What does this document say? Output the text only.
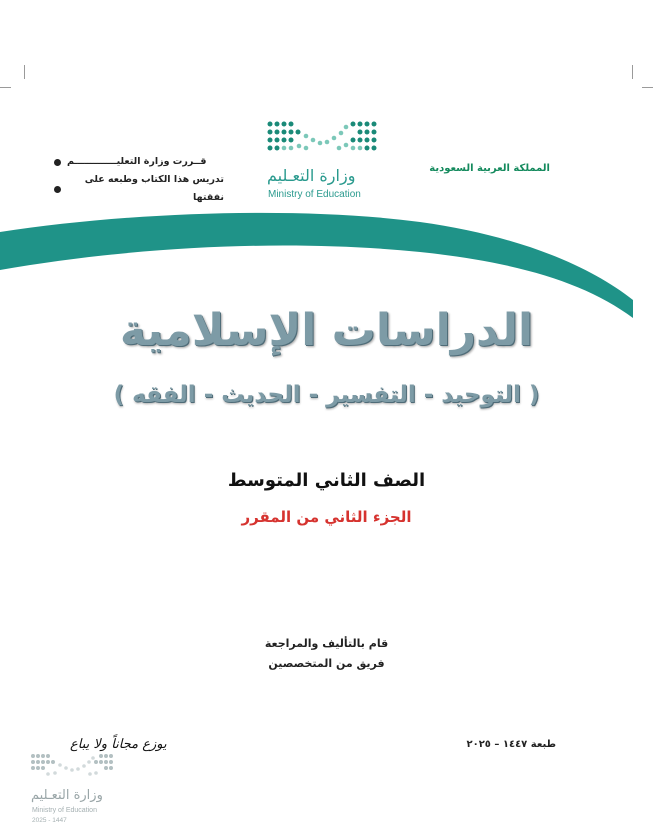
المملكة العربية السعودية
قــررت وزارة التعليـــــــــــــم
تدريس هذا الكتاب وطبعه على نفقتها
وزارة التعـليم
Ministry of Education
الدراسات الإسلامية
( التوحيد - التفسير - الحديث - الفقه )
الصف الثاني المتوسط
الجزء الثاني من المقرر
قام بالتأليف والمراجعة
فريق من المتخصصين
طبعة ١٤٤٧ – ٢٠٢٥
يوزع مجاناً ولا يباع
وزارة التعـليم
Ministry of Education
2025 - 1447
